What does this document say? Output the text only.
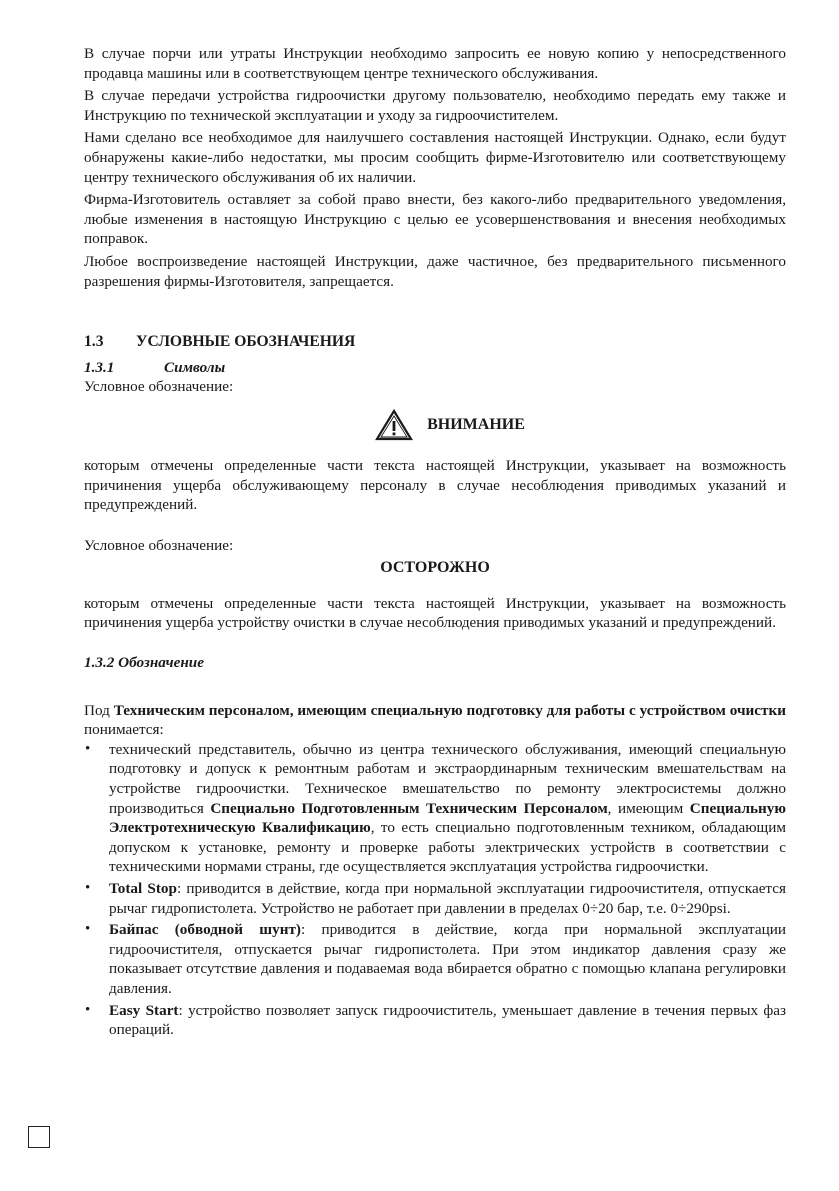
В случае порчи или утраты Инструкции необходимо запросить ее новую копию у непосредственного продавца машины или в соответствующем центре технического обслуживания.

В случае передачи устройства гидроочистки другому пользователю, необходимо передать ему также и Инструкцию по технической эксплуатации и уходу за гидроочистителем.

Нами сделано все необходимое для наилучшего составления настоящей Инструкции. Однако, если будут обнаружены какие-либо недостатки, мы просим сообщить фирме-Изготовителю или соответствующему центру технического обслуживания об их наличии.

Фирма-Изготовитель оставляет за собой право внести, без какого-либо предварительного уведомления, любые изменения в настоящую Инструкцию с целью ее усовершенствования и внесения необходимых поправок.

Любое воспроизведение настоящей Инструкции, даже частичное, без предварительного письменного разрешения фирмы-Изготовителя, запрещается.

1.3	УСЛОВНЫЕ ОБОЗНАЧЕНИЯ
1.3.1	Символы

Условное обозначение:

ВНИМАНИЕ

которым отмечены определенные части текста настоящей Инструкции, указывает на возможность причинения ущерба обслуживающему персоналу в случае несоблюдения приводимых указаний и предупреждений.

Условное обозначение:

ОСТОРОЖНО

которым отмечены определенные части текста настоящей Инструкции, указывает на возможность причинения ущерба устройству очистки в случае несоблюдения приводимых указаний и предупреждений.

1.3.2 Обозначение

Под Техническим персоналом, имеющим специальную подготовку для работы с устройством очистки понимается:

• технический представитель, обычно из центра технического обслуживания, имеющий специальную подготовку и допуск к ремонтным работам и экстраординарным техническим вмешательствам на устройстве гидроочистки. Техническое вмешательство по ремонту электросистемы должно производиться Специально Подготовленным Техническим Персоналом, имеющим Специальную Электротехническую Квалификацию, то есть специально подготовленным техником, обладающим допуском к установке, ремонту и проверке работы электрических устройств в соответствии с техническими нормами страны, где осуществляется эксплуатация устройства гидроочистки.
• Total Stop: приводится в действие, когда при нормальной эксплуатации гидроочистителя, отпускается рычаг гидропистолета. Устройство не работает при давлении в пределах 0÷20 бар, т.е. 0÷290psi.
• Байпас (обводной шунт): приводится в действие, когда при нормальной эксплуатации гидроочистителя, отпускается рычаг гидропистолета. При этом индикатор давления сразу же показывает отсутствие давления и подаваемая вода вбирается обратно с помощью клапана регулировки давления.
• Easy Start: устройство позволяет запуск гидроочиститель, уменьшает давление в течения первых фаз операций.
